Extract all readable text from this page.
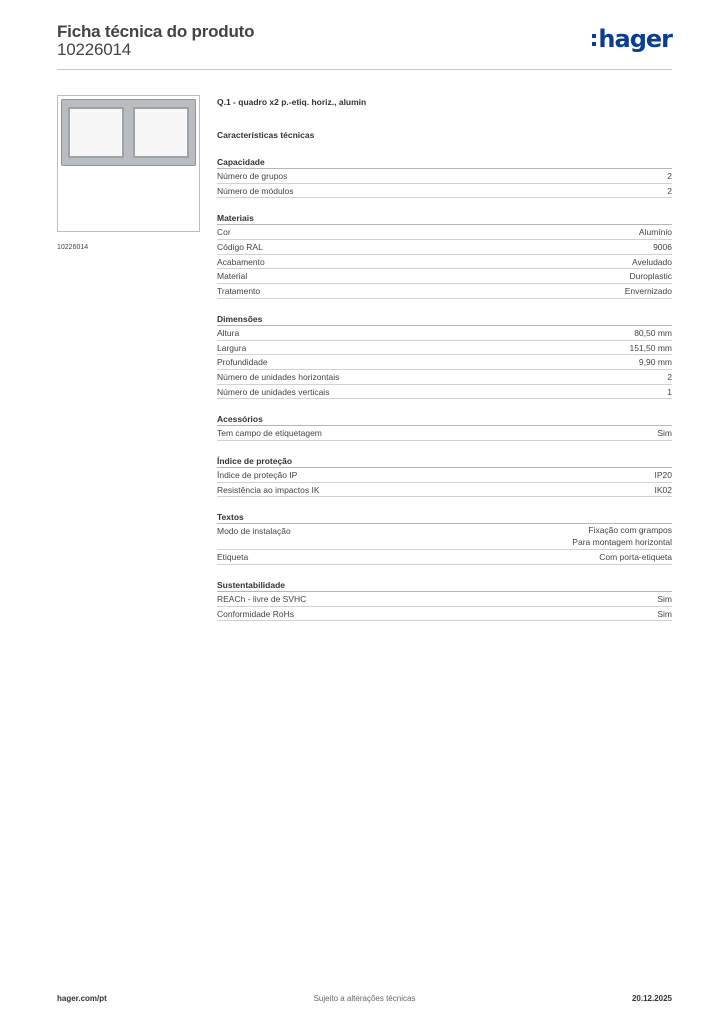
Ficha técnica do produto
10226014	hager
10226014
Q.1 - quadro x2 p.-etiq. horiz., alumin
Características técnicas
Capacidade
Número de grupos	2
Número de módulos	2
Materiais
Cor	Alumínio
Código RAL	9006
Acabamento	Aveludado
Material	Duroplastic
Tratamento	Envernizado
Dimensões
Altura	80,50 mm
Largura	151,50 mm
Profundidade	9,90 mm
Número de unidades horizontais	2
Número de unidades verticais	1
Acessórios
Tem campo de etiquetagem	Sim
Índice de proteção
Índice de proteção IP	IP20
Resistência ao impactos IK	IK02
Textos
Modo de instalação	Fixação com grampos
Para montagem horizontal
Etiqueta	Com porta-etiqueta
Sustentabilidade
REACh - livre de SVHC	Sim
Conformidade RoHs	Sim
hager.com/pt	Sujeito a alterações técnicas	20.12.2025
